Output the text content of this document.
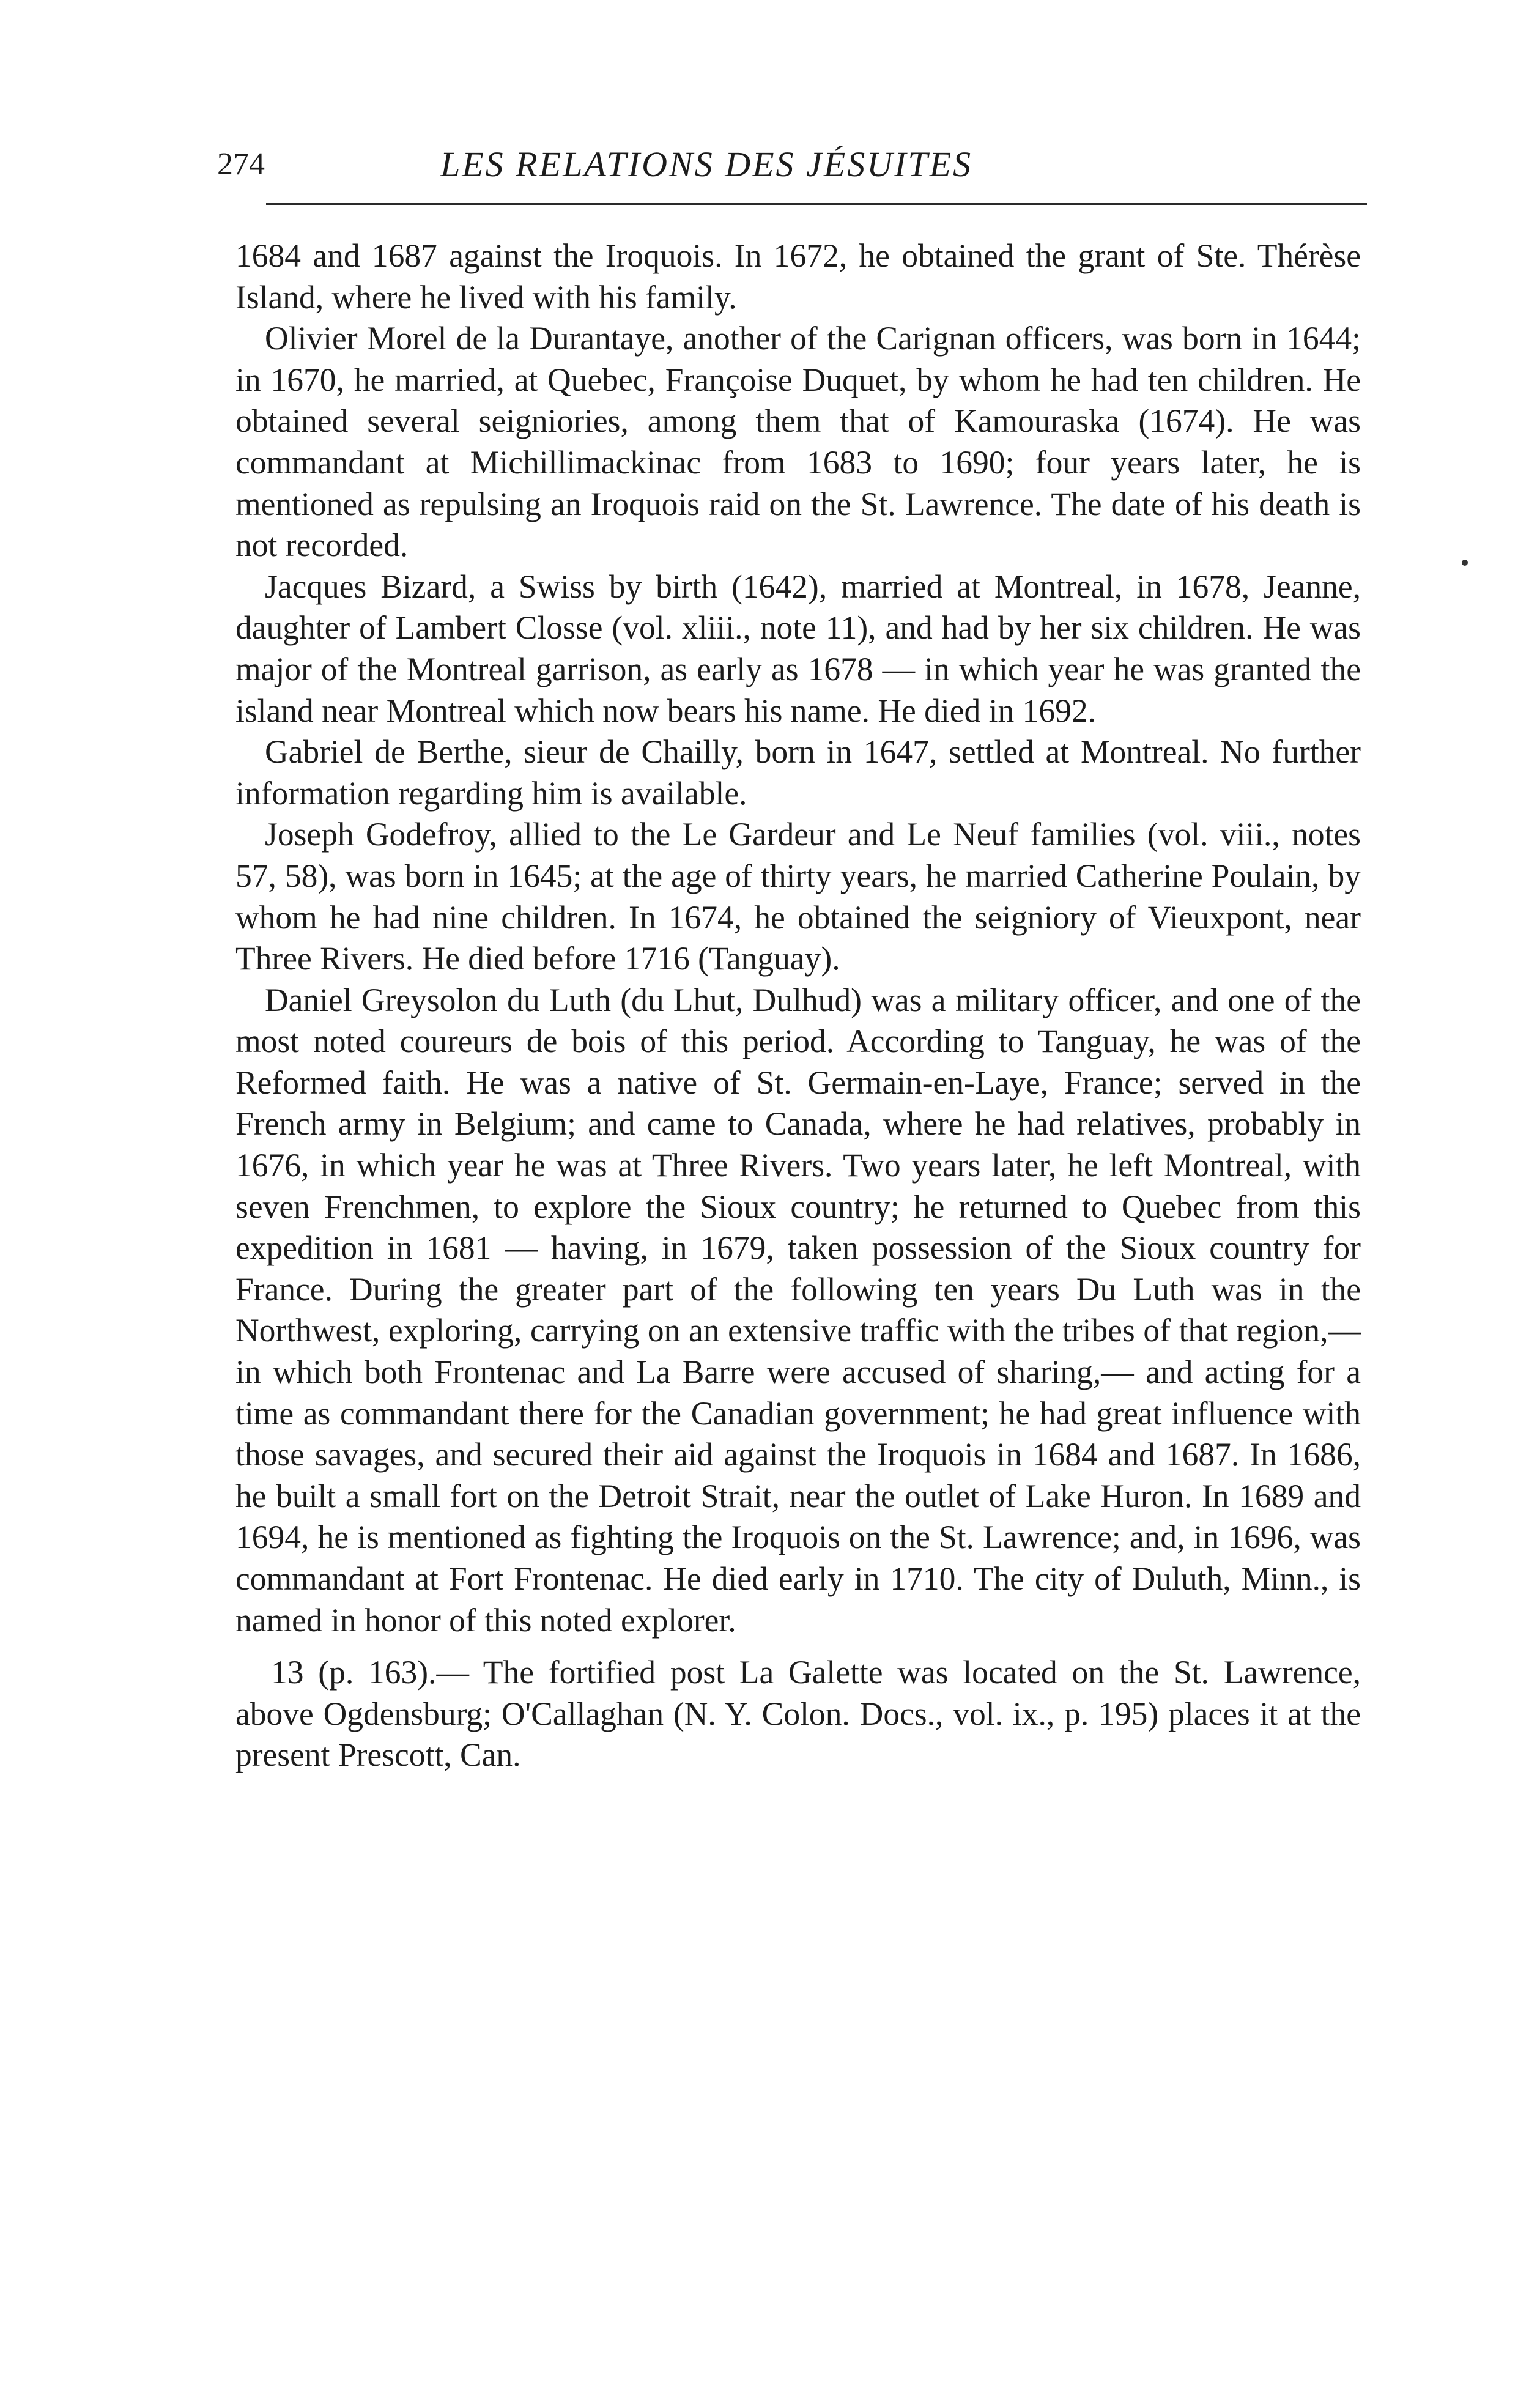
274	LES RELATIONS DES JÉSUITES

1684 and 1687 against the Iroquois. In 1672, he obtained the grant of Ste. Thérèse Island, where he lived with his family.

Olivier Morel de la Durantaye, another of the Carignan officers, was born in 1644; in 1670, he married, at Quebec, Françoise Duquet, by whom he had ten children. He obtained several seigniories, among them that of Kamouraska (1674). He was commandant at Michillimackinac from 1683 to 1690; four years later, he is mentioned as repulsing an Iroquois raid on the St. Lawrence. The date of his death is not recorded.

Jacques Bizard, a Swiss by birth (1642), married at Montreal, in 1678, Jeanne, daughter of Lambert Closse (vol. xliii., note 11), and had by her six children. He was major of the Montreal garrison, as early as 1678 — in which year he was granted the island near Montreal which now bears his name. He died in 1692.

Gabriel de Berthe, sieur de Chailly, born in 1647, settled at Montreal. No further information regarding him is available.

Joseph Godefroy, allied to the Le Gardeur and Le Neuf families (vol. viii., notes 57, 58), was born in 1645; at the age of thirty years, he married Catherine Poulain, by whom he had nine children. In 1674, he obtained the seigniory of Vieuxpont, near Three Rivers. He died before 1716 (Tanguay).

Daniel Greysolon du Luth (du Lhut, Dulhud) was a military officer, and one of the most noted coureurs de bois of this period. According to Tanguay, he was of the Reformed faith. He was a native of St. Germain-en-Laye, France; served in the French army in Belgium; and came to Canada, where he had relatives, probably in 1676, in which year he was at Three Rivers. Two years later, he left Montreal, with seven Frenchmen, to explore the Sioux country; he returned to Quebec from this expedition in 1681 — having, in 1679, taken possession of the Sioux country for France. During the greater part of the following ten years Du Luth was in the Northwest, exploring, carrying on an extensive traffic with the tribes of that region,— in which both Frontenac and La Barre were accused of sharing,— and acting for a time as commandant there for the Canadian government; he had great influence with those savages, and secured their aid against the Iroquois in 1684 and 1687. In 1686, he built a small fort on the Detroit Strait, near the outlet of Lake Huron. In 1689 and 1694, he is mentioned as fighting the Iroquois on the St. Lawrence; and, in 1696, was commandant at Fort Frontenac. He died early in 1710. The city of Duluth, Minn., is named in honor of this noted explorer.

13 (p. 163).— The fortified post La Galette was located on the St. Lawrence, above Ogdensburg; O'Callaghan (N. Y. Colon. Docs., vol. ix., p. 195) places it at the present Prescott, Can.
